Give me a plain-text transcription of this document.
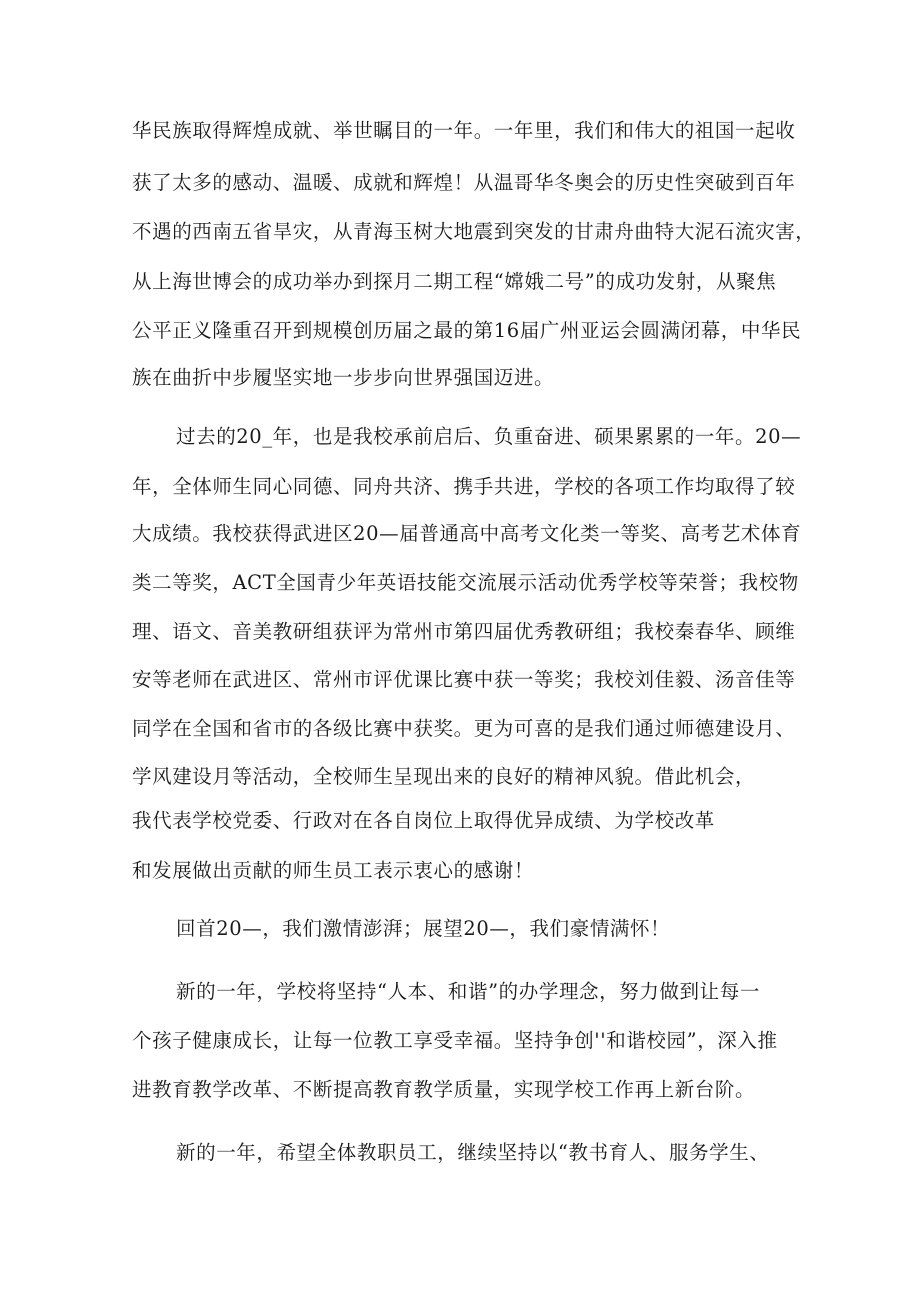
华民族取得辉煌成就、举世瞩目的一年。一年里，我们和伟大的祖国一起收
获了太多的感动、温暖、成就和辉煌！从温哥华冬奥会的历史性突破到百年
不遇的西南五省旱灾，从青海玉树大地震到突发的甘肃舟曲特大泥石流灾害，
从上海世博会的成功举办到探月二期工程“嫦娥二号”的成功发射，从聚焦
公平正义隆重召开到规模创历届之最的第16届广州亚运会圆满闭幕，中华民
族在曲折中步履坚实地一步步向世界强国迈进。
过去的20_年，也是我校承前启后、负重奋进、硕果累累的一年。20—
年，全体师生同心同德、同舟共济、携手共进，学校的各项工作均取得了较
大成绩。我校获得武进区20—届普通高中高考文化类一等奖、高考艺术体育
类二等奖，ACT全国青少年英语技能交流展示活动优秀学校等荣誉；我校物
理、语文、音美教研组获评为常州市第四届优秀教研组；我校秦春华、顾维
安等老师在武进区、常州市评优课比赛中获一等奖；我校刘佳毅、汤音佳等
同学在全国和省市的各级比赛中获奖。更为可喜的是我们通过师德建设月、
学风建设月等活动，全校师生呈现出来的良好的精神风貌。借此机会，
我代表学校党委、行政对在各自岗位上取得优异成绩、为学校改革
和发展做出贡献的师生员工表示衷心的感谢！
回首20—，我们激情澎湃；展望20—，我们豪情满怀！
新的一年，学校将坚持“人本、和谐”的办学理念，努力做到让每一
个孩子健康成长，让每一位教工享受幸福。坚持争创''和谐校园”，深入推
进教育教学改革、不断提高教育教学质量，实现学校工作再上新台阶。
新的一年，希望全体教职员工，继续坚持以“教书育人、服务学生、
